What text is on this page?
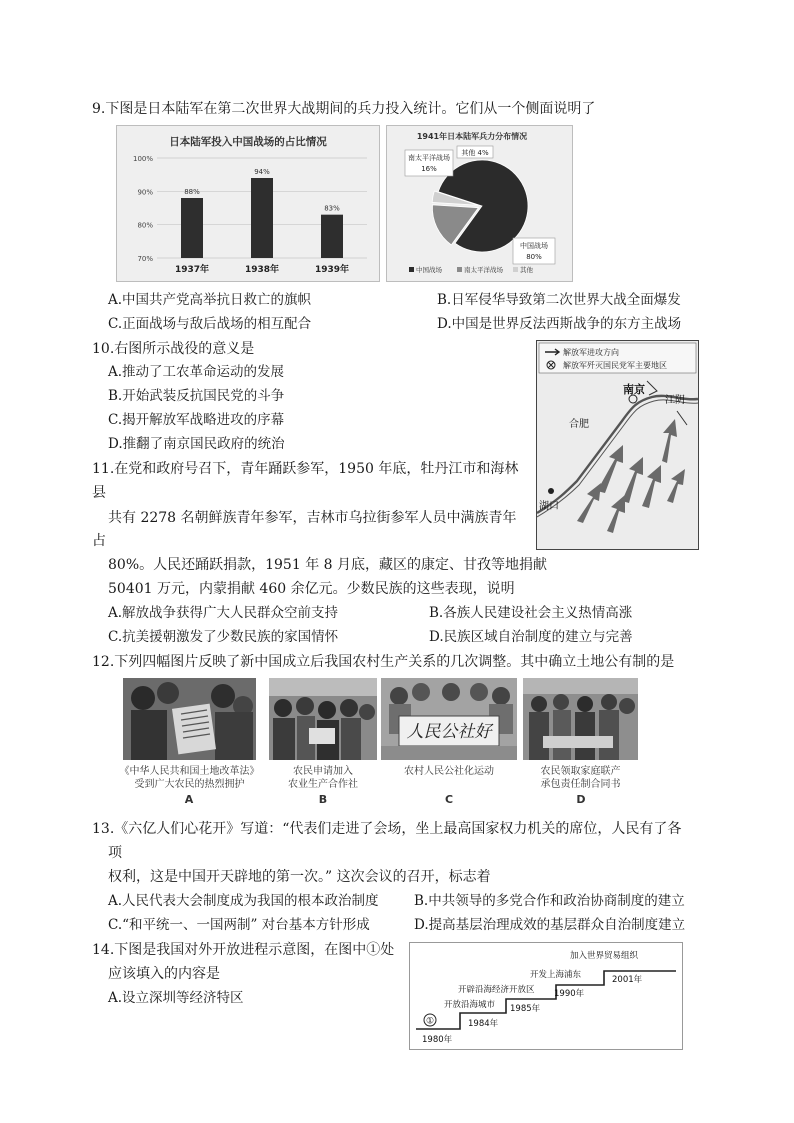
9.下图是日本陆军在第二次世界大战期间的兵力投入统计。它们从一个侧面说明了
日本陆军投入中国战场的占比情况
100%
90%
80%
70%
88%
1937年
94%
1938年
83%
1939年
1941年日本陆军兵力分布情况
南太平洋战场
16%
其他 4%
中国战场
80%
中国战场	南太平洋战场	其他
A.中国共产党高举抗日救亡的旗帜	B.日军侵华导致第二次世界大战全面爆发
C.正面战场与敌后战场的相互配合	D.中国是世界反法西斯战争的东方主战场
10.右图所示战役的意义是
A.推动了工农革命运动的发展
B.开始武装反抗国民党的斗争
C.揭开解放军战略进攻的序幕
D.推翻了南京国民政府的统治
解放军进攻方向
解放军歼灭国民党军主要地区
南京
合肥
江阴
湖口
11.在党和政府号召下，青年踊跃参军，1950 年底，牡丹江市和海林
县
共有 2278 名朝鲜族青年参军，吉林市乌拉街参军人员中满族青年
占
80%。人民还踊跃捐款，1951 年 8 月底，藏区的康定、甘孜等地捐献
50401 万元，内蒙捐献 460 余亿元。少数民族的这些表现，说明
A.解放战争获得广大人民群众空前支持	B.各族人民建设社会主义热情高涨
C.抗美援朝激发了少数民族的家国情怀	D.民族区域自治制度的建立与完善
12.下列四幅图片反映了新中国成立后我国农村生产关系的几次调整。其中确立土地公有制的是
《中华人民共和国土地改革法》
受到广大农民的热烈拥护
A
农民申请加入
农业生产合作社
B
人民公社好
农村人民公社化运动
C
农民领取家庭联产
承包责任制合同书
D
13.《六亿人们心花开》写道：“代表们走进了会场，坐上最高国家权力机关的席位，人民有了各
项
权利，这是中国开天辟地的第一次。” 这次会议的召开，标志着
A.人民代表大会制度成为我国的根本政治制度	B.中共领导的多党合作和政治协商制度的建立
C.“和平统一、一国两制” 对台基本方针形成	D.提高基层治理成效的基层群众自治制度建立
14.下图是我国对外开放进程示意图，在图中①处
应该填入的内容是
A.设立深圳等经济特区
①
1980年
开放沿海城市
1984年
开辟沿海经济开放区
1985年
开发上海浦东
1990年
加入世界贸易组织
2001年
